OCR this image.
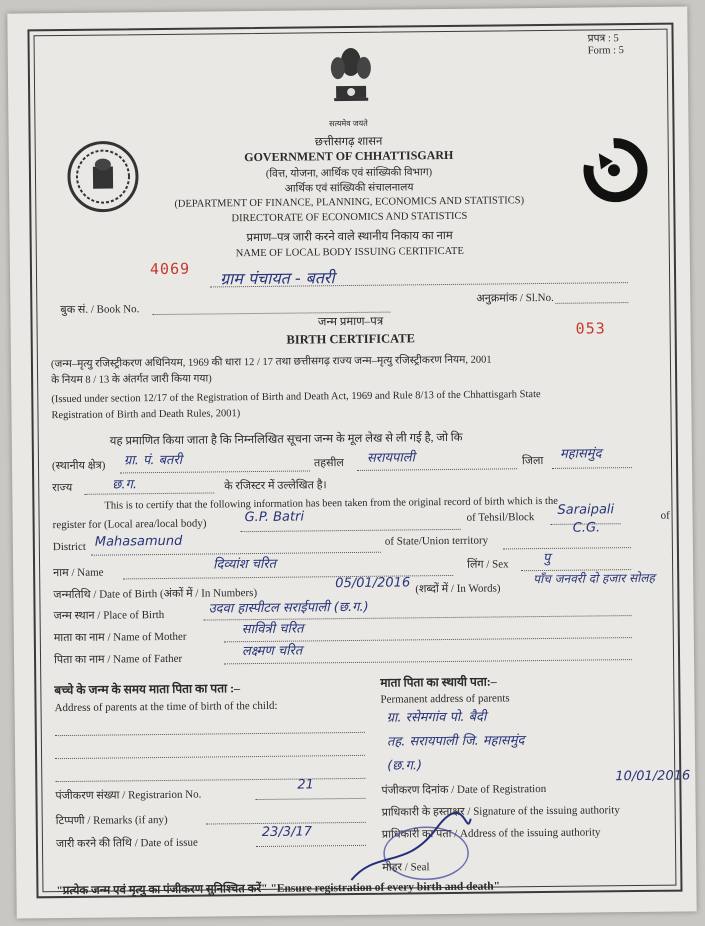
प्रपत्र : 5
Form : 5
सत्यमेव जयते
छत्तीसगढ़ शासन
GOVERNMENT OF CHHATTISGARH
(वित्त, योजना, आर्थिक एवं सांख्यिकी विभाग)
आर्थिक एवं सांख्यिकी संचालनालय
(DEPARTMENT OF FINANCE, PLANNING, ECONOMICS AND STATISTICS)
DIRECTORATE OF ECONOMICS AND STATISTICS
प्रमाण–पत्र जारी करने वाले स्थानीय निकाय का नाम
NAME OF LOCAL BODY ISSUING CERTIFICATE
4069 ग्राम पंचायत - बतरी
बुक सं. / Book No.
अनुक्रमांक / Sl.No.
जन्म प्रमाण–पत्र
BIRTH CERTIFICATE
053
(जन्म–मृत्यु रजिस्ट्रीकरण अधिनियम, 1969 की धारा 12 / 17 तथा छत्तीसगढ़ राज्य जन्म–मृत्यु रजिस्ट्रीकरण नियम, 2001
के नियम 8 / 13 के अंतर्गत जारी किया गया)
(Issued under section 12/17 of the Registration of Birth and Death Act, 1969 and Rule 8/13 of the Chhattisgarh State
Registration of Birth and Death Rules, 2001)
यह प्रमाणित किया जाता है कि निम्नलिखित सूचना जन्म के मूल लेख से ली गई है, जो कि
(स्थानीय क्षेत्र) ग्रा. पं. बतरी	तहसील सरायपाली	जिला महासमुंद
राज्य	छ.ग.	के रजिस्टर में उल्लेखित है।
This is to certify that the following information has been taken from the original record of birth which is the
register for (Local area/local body)	G.P. Batri	of Tehsil/Block Saraipali	of
District Mahasamund	of State/Union territory
C.G.
नाम / Name
दिव्यांश चरित	लिंग / Sex	पु
जन्मतिथि / Date of Birth (अंकों में / In Numbers)
05/01/2016 (शब्दों में / In Words)
पाँच जनवरी दो हजार सोलह
जन्म स्थान / Place of Birth	उदवा हास्पीटल सराईपाली (छ.ग.)
माता का नाम / Name of Mother
सावित्री चरित
पिता का नाम / Name of Father
लक्ष्मण चरित
बच्चे के जन्म के समय माता पिता का पता :–
Address of parents at the time of birth of the child:
माता पिता का स्थायी पता:–
Permanent address of parents
ग्रा. रसेमगांव पो. बैदी
तह. सरायपाली जि. महासमुंद
(छ.ग.)
पंजीकरण संख्या / Registrarion No.
21	पंजीकरण दिनांक / Date of Registration
10/01/2016
टिप्पणी / Remarks (if any)
प्राधिकारी के हस्ताक्षर / Signature of the issuing authority
जारी करने की तिथि / Date of issue
23/3/17	प्राधिकारी का पता / Address of the issuing authority
मोहर / Seal
"प्रत्येक जन्म एवं मृत्यु का पंजीकरण सुनिश्चित करें" "Ensure registration of every birth and death"
